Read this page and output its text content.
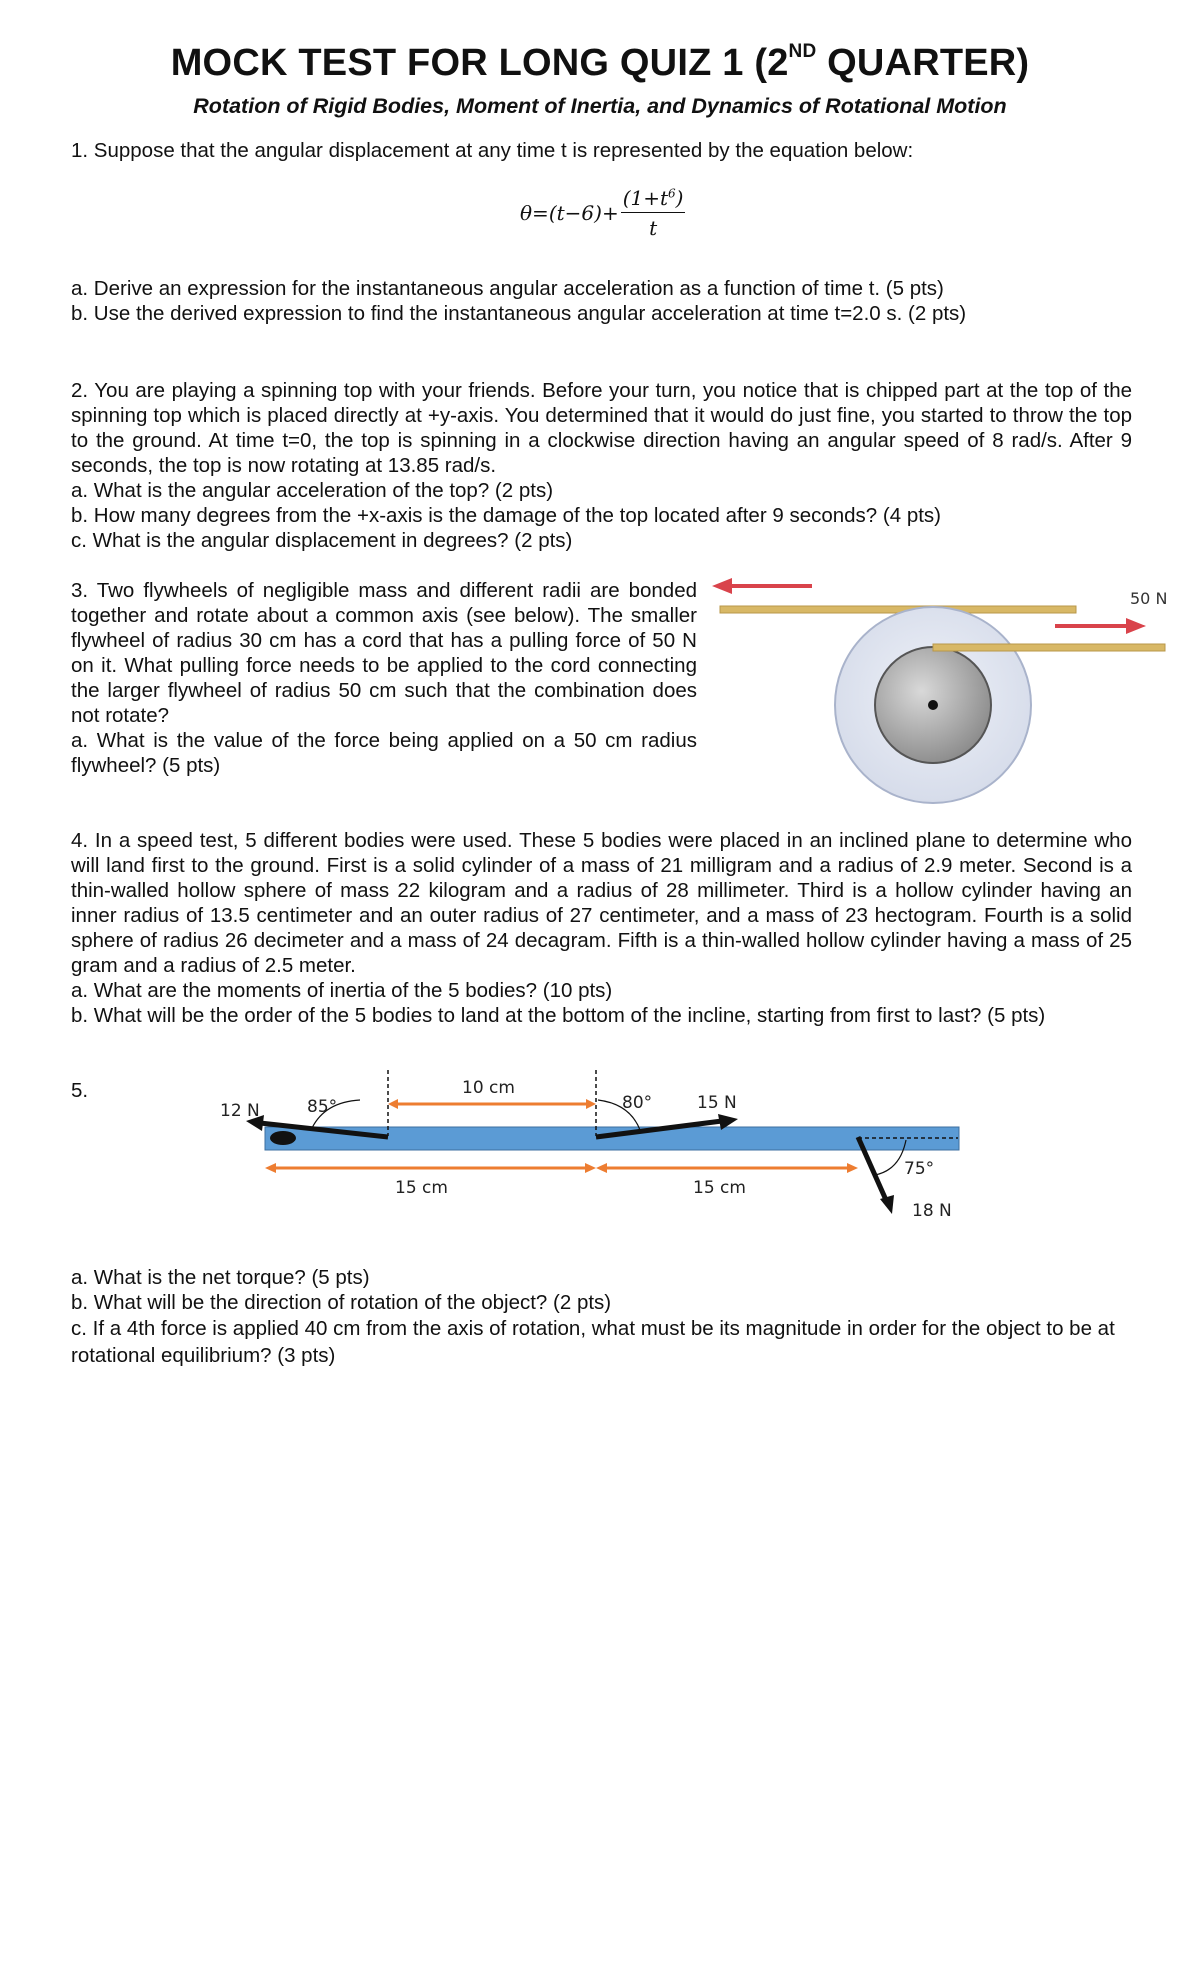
MOCK TEST FOR LONG QUIZ 1 (2ND QUARTER)
Rotation of Rigid Bodies, Moment of Inertia, and Dynamics of Rotational Motion
1. Suppose that the angular displacement at any time t is represented by the equation below:
$\theta= (t-6)+ \frac{(1+t^6)}{t}$
a. Derive an expression for the instantaneous angular acceleration as a function of time t. (5 pts)
b. Use the derived expression to find the instantaneous angular acceleration at time t=2.0 s. (2 pts)
2. You are playing a spinning top with your friends. Before your turn, you notice that is chipped part at the top of the spinning top which is placed directly at +y-axis. You determined that it would do just fine, you started to throw the top to the ground. At time t=0, the top is spinning in a clockwise direction having an angular speed of 8 rad/s. After 9 seconds, the top is now rotating at 13.85 rad/s.
a. What is the angular acceleration of the top? (2 pts)
b. How many degrees from the +x-axis is the damage of the top located after 9 seconds? (4 pts)
c. What is the angular displacement in degrees? (2 pts)
3. Two flywheels of negligible mass and different radii are bonded together and rotate about a common axis (see below). The smaller flywheel of radius 30 cm has a cord that has a pulling force of 50 N on it. What pulling force needs to be applied to the cord connecting the larger flywheel of radius 50 cm such that the combination does not rotate?
a. What is the value of the force being applied on a 50 cm radius flywheel? (5 pts)
50 N
4. In a speed test, 5 different bodies were used. These 5 bodies were placed in an inclined plane to determine who will land first to the ground. First is a solid cylinder of a mass of 21 milligram and a radius of 2.9 meter. Second is a thin-walled hollow sphere of mass 22 kilogram and a radius of 28 millimeter. Third is a hollow cylinder having an inner radius of 13.5 centimeter and an outer radius of 27 centimeter, and a mass of 23 hectogram. Fourth is a solid sphere of radius 26 decimeter and a mass of 24 decagram. Fifth is a thin-walled hollow cylinder having a mass of 25 gram and a radius of 2.5 meter.
a. What are the moments of inertia of the 5 bodies? (10 pts)
b. What will be the order of the 5 bodies to land at the bottom of the incline, starting from first to last? (5 pts)
5.	10 cm
15 cm	15 cm
12 N	85°	80°	15 N
75°
18 N
a. What is the net torque? (5 pts)
b. What will be the direction of rotation of the object? (2 pts)
c. If a 4th force is applied 40 cm from the axis of rotation, what must be its magnitude in order for the object to be at rotational equilibrium? (3 pts)
